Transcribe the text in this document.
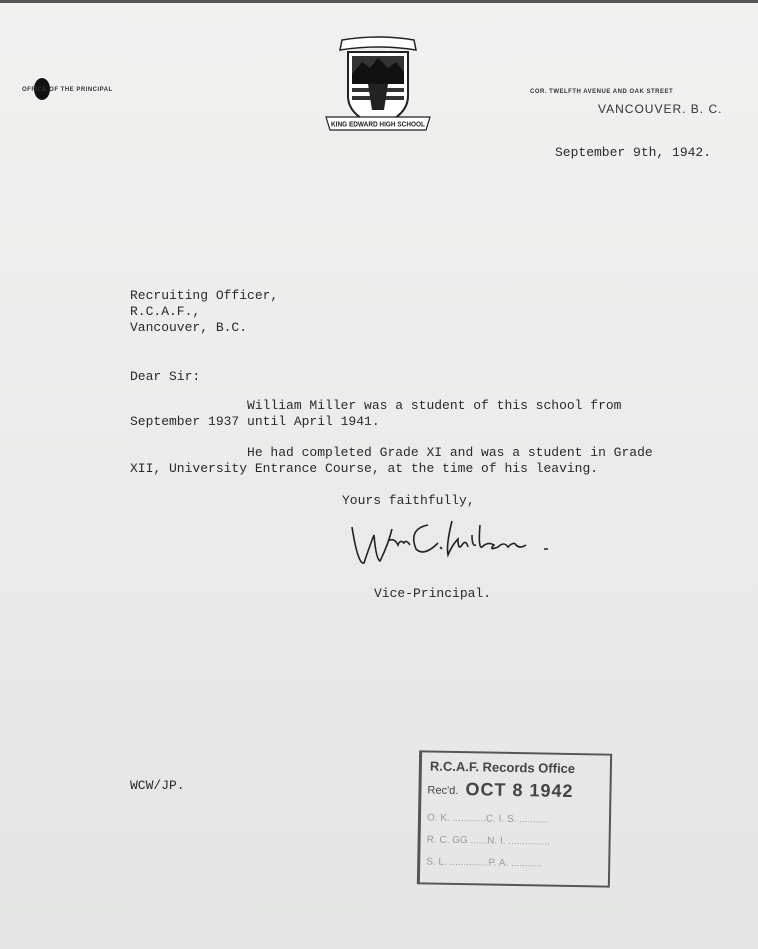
OFFICE OF THE PRINCIPAL
KING EDWARD HIGH SCHOOL
COR. TWELFTH AVENUE AND OAK STREET
VANCOUVER. B. C.
September 9th, 1942.
Recruiting Officer,
R.C.A.F.,
Vancouver, B.C.
Dear Sir:
William Miller was a student of this school from
September 1937 until April 1941.
He had completed Grade XI and was a student in Grade
XII, University Entrance Course, at the time of his leaving.
Yours faithfully,
Vice-Principal.
WCW/JP.
R.C.A.F. Records Office
Rec'd. OCT 8 1942
O. K. ............C. I. S. ..........
R. C. GG ......N. I. ...............
S. L. ..............P. A. ...........
